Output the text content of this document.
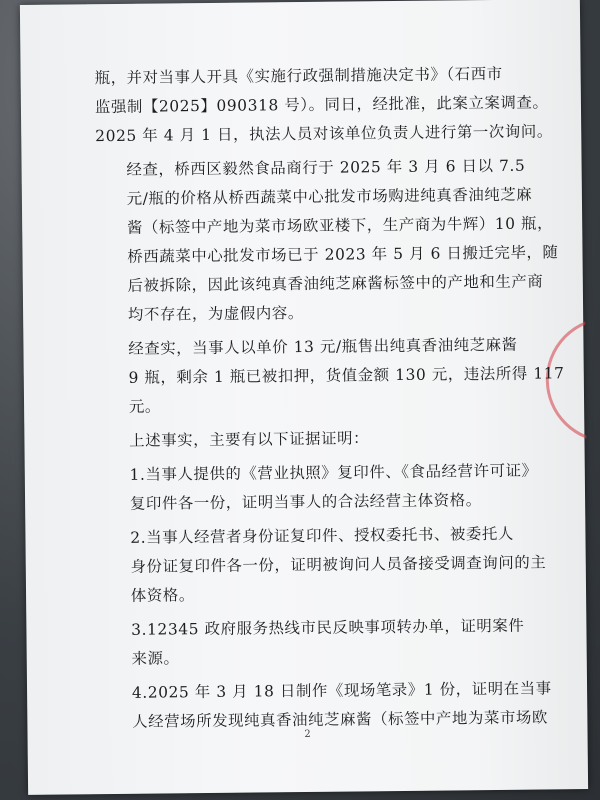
瓶，并对当事人开具《实施行政强制措施决定书》（石西市
监强制【2025】090318 号）。同日，经批准，此案立案调查。
2025 年 4 月 1 日，执法人员对该单位负责人进行第一次询问。

经查，桥西区毅然食品商行于 2025 年 3 月 6 日以 7.5
元/瓶的价格从桥西蔬菜中心批发市场购进纯真香油纯芝麻
酱（标签中产地为菜市场欧亚楼下，生产商为牛辉）10 瓶，
桥西蔬菜中心批发市场已于 2023 年 5 月 6 日搬迁完毕，随
后被拆除，因此该纯真香油纯芝麻酱标签中的产地和生产商
均不存在，为虚假内容。

经查实，当事人以单价 13 元/瓶售出纯真香油纯芝麻酱
9 瓶，剩余 1 瓶已被扣押，货值金额 130 元，违法所得 117
元。

上述事实，主要有以下证据证明：

1.当事人提供的《营业执照》复印件、《食品经营许可证》
复印件各一份，证明当事人的合法经营主体资格。

2.当事人经营者身份证复印件、授权委托书、被委托人
身份证复印件各一份，证明被询问人员备接受调查询问的主
体资格。

3.12345 政府服务热线市民反映事项转办单，证明案件
来源。

4.2025 年 3 月 18 日制作《现场笔录》1 份，证明在当事
人经营场所发现纯真香油纯芝麻酱（标签中产地为菜市场欧

2
